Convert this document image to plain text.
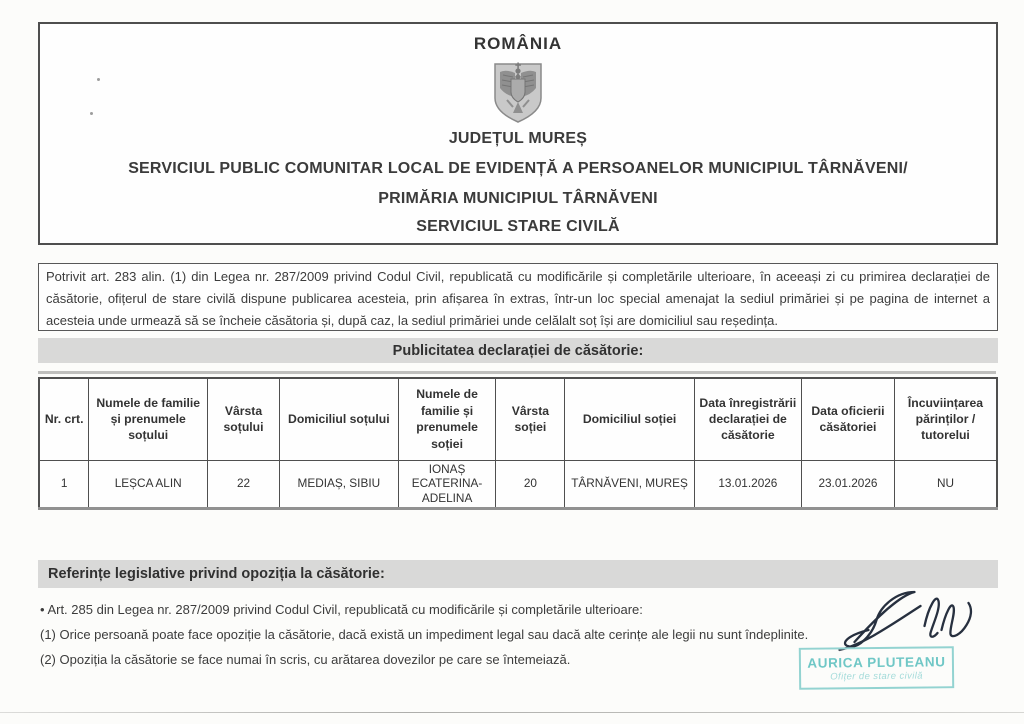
ROMÂNIA
JUDEȚUL MUREȘ
SERVICIUL PUBLIC COMUNITAR LOCAL DE EVIDENȚĂ A PERSOANELOR MUNICIPIUL TÂRNĂVENI/
PRIMĂRIA MUNICIPIUL TÂRNĂVENI
SERVICIUL STARE CIVILĂ
Potrivit art. 283 alin. (1) din Legea nr. 287/2009 privind Codul Civil, republicată cu modificările și completările ulterioare, în aceeași zi cu primirea declarației de căsătorie, ofițerul de stare civilă dispune publicarea acesteia, prin afișarea în extras, într-un loc special amenajat la sediul primăriei și pe pagina de internet a acesteia unde urmează să se încheie căsătoria și, după caz, la sediul primăriei unde celălalt soț își are domiciliul sau reședința.
Publicitatea declarației de căsătorie:
Nr. crt.	Numele de familie și prenumele soțului	Vârsta soțului	Domiciliul soțului	Numele de familie și prenumele soției	Vârsta soției	Domiciliul soției	Data înregistrării declarației de căsătorie	Data oficierii căsătoriei	Încuviințarea părinților / tutorelui
1	LEȘCA ALIN	22	MEDIAȘ, SIBIU	IONAȘ ECATERINA-ADELINA	20	TÂRNĂVENI, MUREȘ	13.01.2026	23.01.2026	NU
Referințe legislative privind opoziția la căsătorie:
• Art. 285 din Legea nr. 287/2009 privind Codul Civil, republicată cu modificările și completările ulterioare:
(1) Orice persoană poate face opoziție la căsătorie, dacă există un impediment legal sau dacă alte cerințe ale legii nu sunt îndeplinite.
(2) Opoziția la căsătorie se face numai în scris, cu arătarea dovezilor pe care se întemeiază.	AURICA PLUTEANU
Ofițer de stare civilă
